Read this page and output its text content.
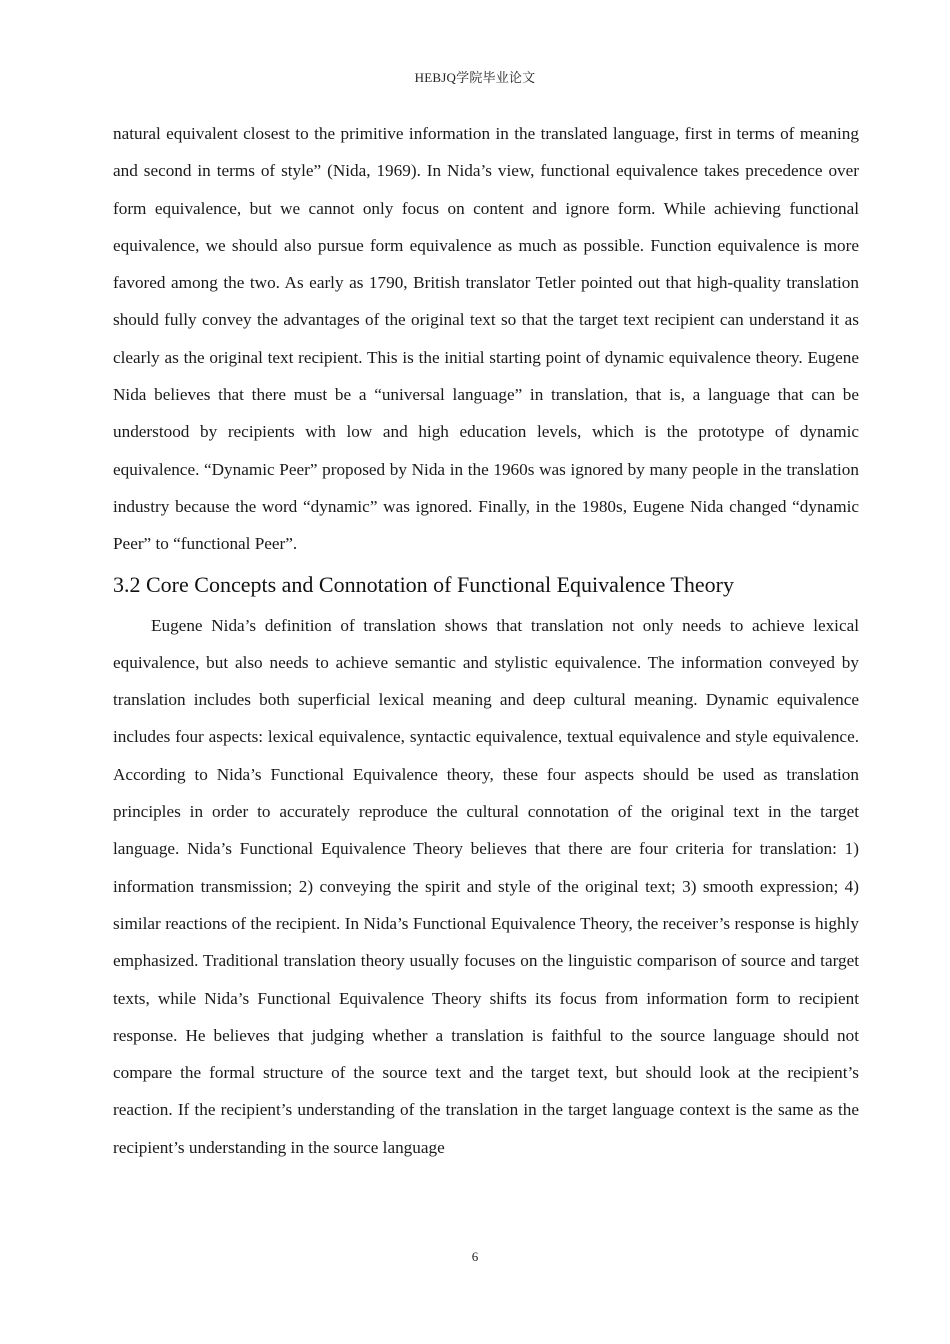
HEBJQ学院毕业论文

natural equivalent closest to the primitive information in the translated language, first in terms of meaning and second in terms of style” (Nida, 1969). In Nida’s view, functional equivalence takes precedence over form equivalence, but we cannot only focus on content and ignore form. While achieving functional equivalence, we should also pursue form equivalence as much as possible. Function equivalence is more favored among the two. As early as 1790, British translator Tetler pointed out that high-quality translation should fully convey the advantages of the original text so that the target text recipient can understand it as clearly as the original text recipient. This is the initial starting point of dynamic equivalence theory. Eugene Nida believes that there must be a “universal language” in translation, that is, a language that can be understood by recipients with low and high education levels, which is the prototype of dynamic equivalence. “Dynamic Peer” proposed by Nida in the 1960s was ignored by many people in the translation industry because the word “dynamic” was ignored. Finally, in the 1980s, Eugene Nida changed “dynamic Peer” to “functional Peer”.

3.2 Core Concepts and Connotation of Functional Equivalence Theory

Eugene Nida’s definition of translation shows that translation not only needs to achieve lexical equivalence, but also needs to achieve semantic and stylistic equivalence. The information conveyed by translation includes both superficial lexical meaning and deep cultural meaning. Dynamic equivalence includes four aspects: lexical equivalence, syntactic equivalence, textual equivalence and style equivalence. According to Nida’s Functional Equivalence theory, these four aspects should be used as translation principles in order to accurately reproduce the cultural connotation of the original text in the target language. Nida’s Functional Equivalence Theory believes that there are four criteria for translation: 1) information transmission; 2) conveying the spirit and style of the original text; 3) smooth expression; 4) similar reactions of the recipient. In Nida’s Functional Equivalence Theory, the receiver’s response is highly emphasized. Traditional translation theory usually focuses on the linguistic comparison of source and target texts, while Nida’s Functional Equivalence Theory shifts its focus from information form to recipient response. He believes that judging whether a translation is faithful to the source language should not compare the formal structure of the source text and the target text, but should look at the recipient’s reaction. If the recipient’s understanding of the translation in the target language context is the same as the recipient’s understanding in the source language

6
